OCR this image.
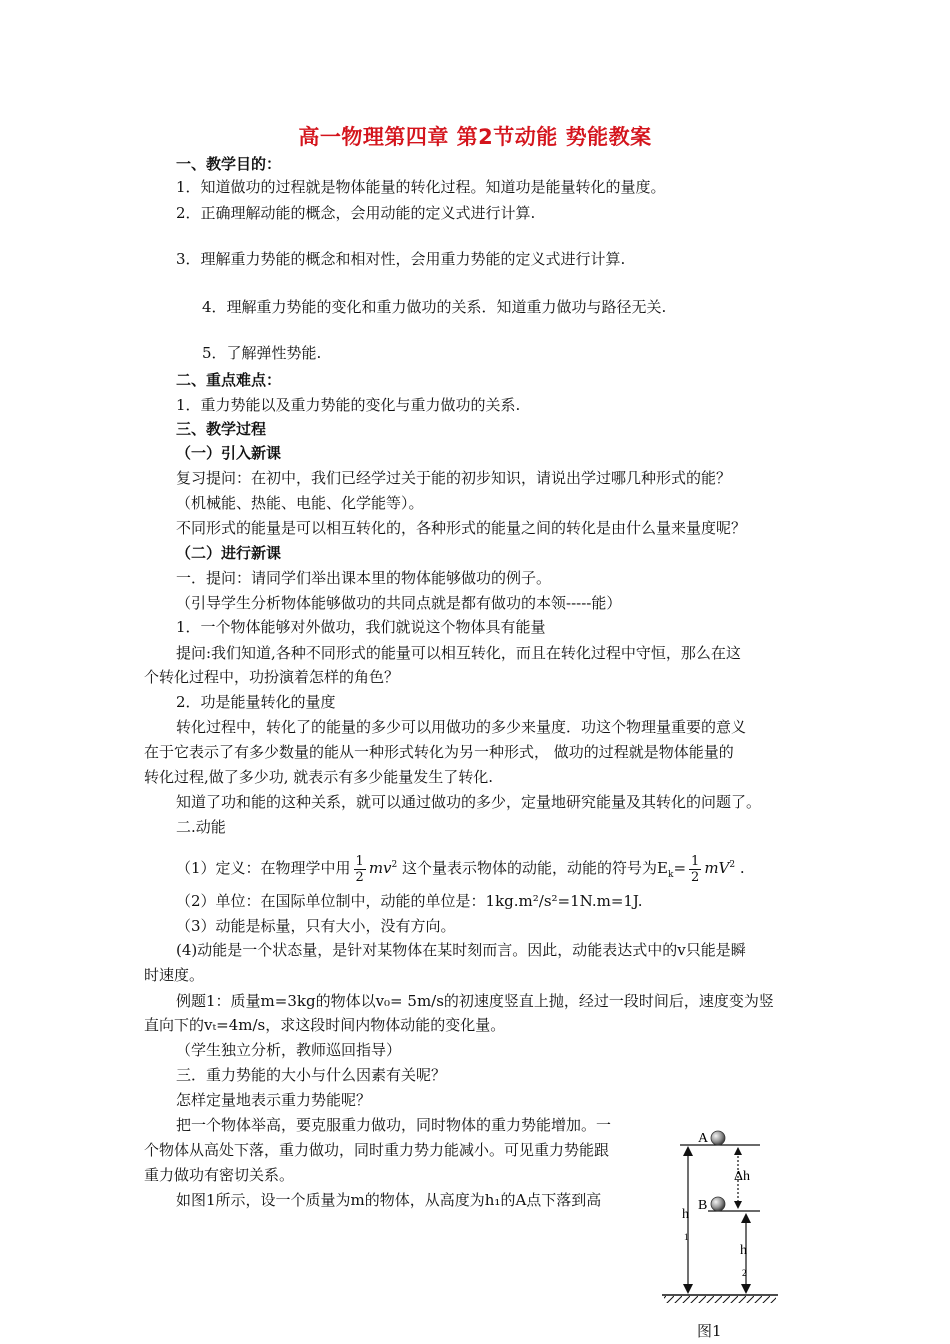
高一物理第四章 第2节动能 势能教案
一、教学目的：
1．知道做功的过程就是物体能量的转化过程。知道功是能量转化的量度。
2．正确理解动能的概念，会用动能的定义式进行计算.
3．理解重力势能的概念和相对性，会用重力势能的定义式进行计算.
4．理解重力势能的变化和重力做功的关系．知道重力做功与路径无关.
5．了解弹性势能.
二、重点难点：
1．重力势能以及重力势能的变化与重力做功的关系.
三、教学过程
（一）引入新课
复习提问：在初中，我们已经学过关于能的初步知识，请说出学过哪几种形式的能？
（机械能、热能、电能、化学能等）。
不同形式的能量是可以相互转化的，各种形式的能量之间的转化是由什么量来量度呢？
（二）进行新课
一．提问：请同学们举出课本里的物体能够做功的例子。
（引导学生分析物体能够做功的共同点就是都有做功的本领-----能）
1．一个物体能够对外做功，我们就说这个物体具有能量
提问:我们知道,各种不同形式的能量可以相互转化，而且在转化过程中守恒，那么在这
个转化过程中，功扮演着怎样的角色？
2．功是能量转化的量度
转化过程中，转化了的能量的多少可以用做功的多少来量度．功这个物理量重要的意义
在于它表示了有多少数量的能从一种形式转化为另一种形式， 做功的过程就是物体能量的
转化过程,做了多少功, 就表示有多少能量发生了转化.
知道了功和能的这种关系，就可以通过做功的多少，定量地研究能量及其转化的问题了。
二.动能
（1）定义：在物理学中用 $\frac{1}{2} mv^2$ 这个量表示物体的动能，动能的符号为$E_k= \frac{1}{2} mV^2$ .
（2）单位：在国际单位制中，动能的单位是：1kg.m²/s²=1N.m=1J.
（3）动能是标量，只有大小，没有方向。
(4)动能是一个状态量，是针对某物体在某时刻而言。因此，动能表达式中的v只能是瞬
时速度。
例题1：质量m=3kg的物体以v₀= 5m/s的初速度竖直上抛，经过一段时间后，速度变为竖
直向下的vₜ=4m/s，求这段时间内物体动能的变化量。
（学生独立分析，教师巡回指导）
三．重力势能的大小与什么因素有关呢？
怎样定量地表示重力势能呢？
把一个物体举高，要克服重力做功，同时物体的重力势能增加。一
个物体从高处下落，重力做功，同时重力势力能减小。可见重力势能跟
重力做功有密切关系。
如图1所示，设一个质量为m的物体，从高度为h₁的A点下落到高
A
B
Δh
h
1
h
2
图1
